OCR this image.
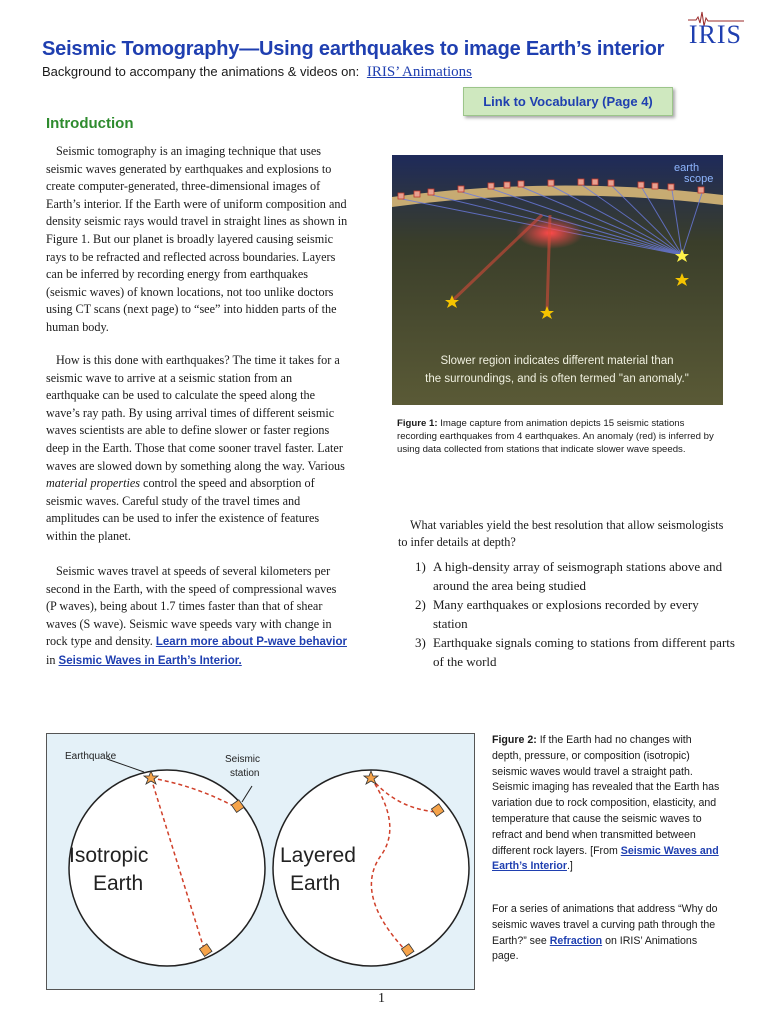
Seismic Tomography—Using earthquakes to image Earth’s interior
Background to accompany the animations & videos on: IRIS’ Animations
IRIS
Link to Vocabulary (Page 4)
Introduction

Seismic tomography is an imaging technique that uses seismic waves generated by earthquakes and explosions to create computer-generated, three-dimensional images of Earth’s interior. If the Earth were of uniform composition and density seismic rays would travel in straight lines as shown in Figure 1. But our planet is broadly layered causing seismic rays to be refracted and reflected across boundaries. Layers can be inferred by recording energy from earthquakes (seismic waves) of known locations, not too unlike doctors using CT scans (next page) to “see” into hidden parts of the human body.

How is this done with earthquakes? The time it takes for a seismic wave to arrive at a seismic station from an earthquake can be used to calculate the speed along the wave’s ray path. By using arrival times of different seismic waves scientists are able to define slower or faster regions deep in the Earth. Those that come sooner travel faster. Later waves are slowed down by something along the way. Various material properties control the speed and absorption of seismic waves. Careful study of the travel times and amplitudes can be used to infer the existence of features within the planet.

Seismic waves travel at speeds of several kilometers per second in the Earth, with the speed of compressional waves (P waves), being about 1.7 times faster than that of shear waves (S wave). Seismic wave speeds vary with change in rock type and density. Learn more about P-wave behavior in Seismic Waves in Earth’s Interior.

earth
scope
Slower region indicates different material than
the surroundings, and is often termed "an anomaly."
Figure 1: Image capture from animation depicts 15 seismic stations recording earthquakes from 4 earthquakes. An anomaly (red) is inferred by using data collected from stations that indicate slower wave speeds.
What variables yield the best resolution that allow seismologists to infer details at depth?
1) A high-density array of seismograph stations above and around the area being studied
2) Many earthquakes or explosions recorded by every station
3) Earthquake signals coming to stations from different parts of the world
Earthquake	Seismic
station
Isotropic
Earth
Layered
Earth
Figure 2: If the Earth had no changes with depth, pressure, or composition (isotropic) seismic waves would travel a straight path. Seismic imaging has revealed that the Earth has variation due to rock composition, elasticity, and temperature that cause the seismic waves to refract and bend when transmitted between different rock layers. [From Seismic Waves and Earth’s Interior.]
For a series of animations that address “Why do seismic waves travel a curving path through the Earth?” see Refraction on IRIS’ Animations page.
1
